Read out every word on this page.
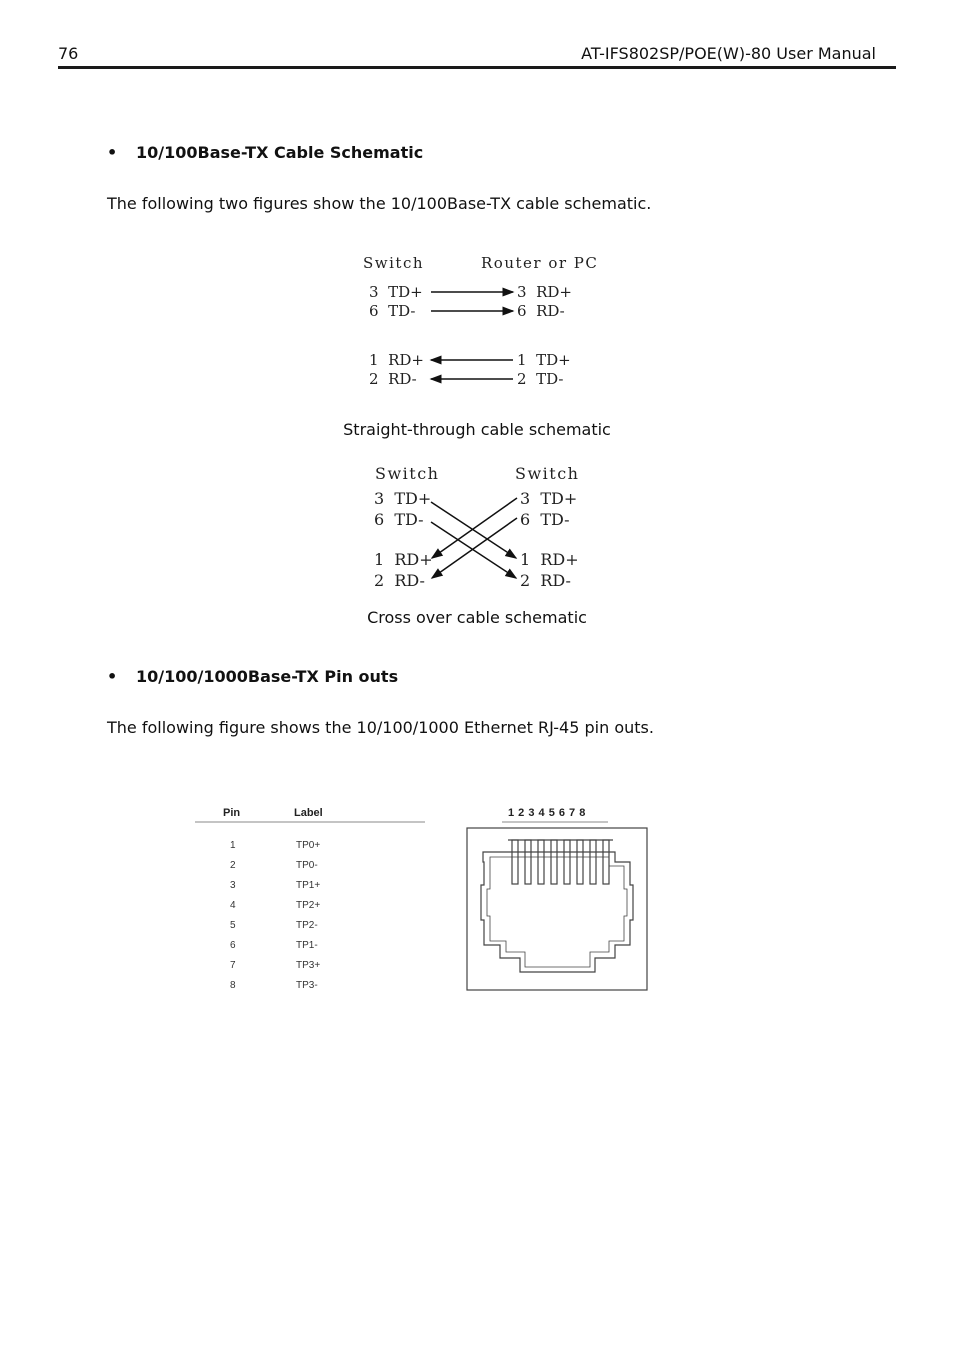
76	AT-IFS802SP/POE(W)-80 User Manual
• 10/100Base-TX Cable Schematic
The following two figures show the 10/100Base-TX cable schematic.
Switch	Router or PC
3  TD+
6  TD-
1  RD+
2  RD-
3  RD+
6  RD-
1  TD+
2  TD-
Straight-through cable schematic
Switch	Switch
3  TD+
6  TD-
1  RD+
2  RD-
3  TD+
6  TD-
1  RD+
2  RD-
Cross over cable schematic
• 10/100/1000Base-TX Pin outs
The following figure shows the 10/100/1000 Ethernet RJ-45 pin outs.
Pin	Label
1	TP0+
2	TP0-
3	TP1+
4	TP2+
5	TP2-
6	TP1-
7	TP3+
8	TP3-
1 2 3 4 5 6 7 8
